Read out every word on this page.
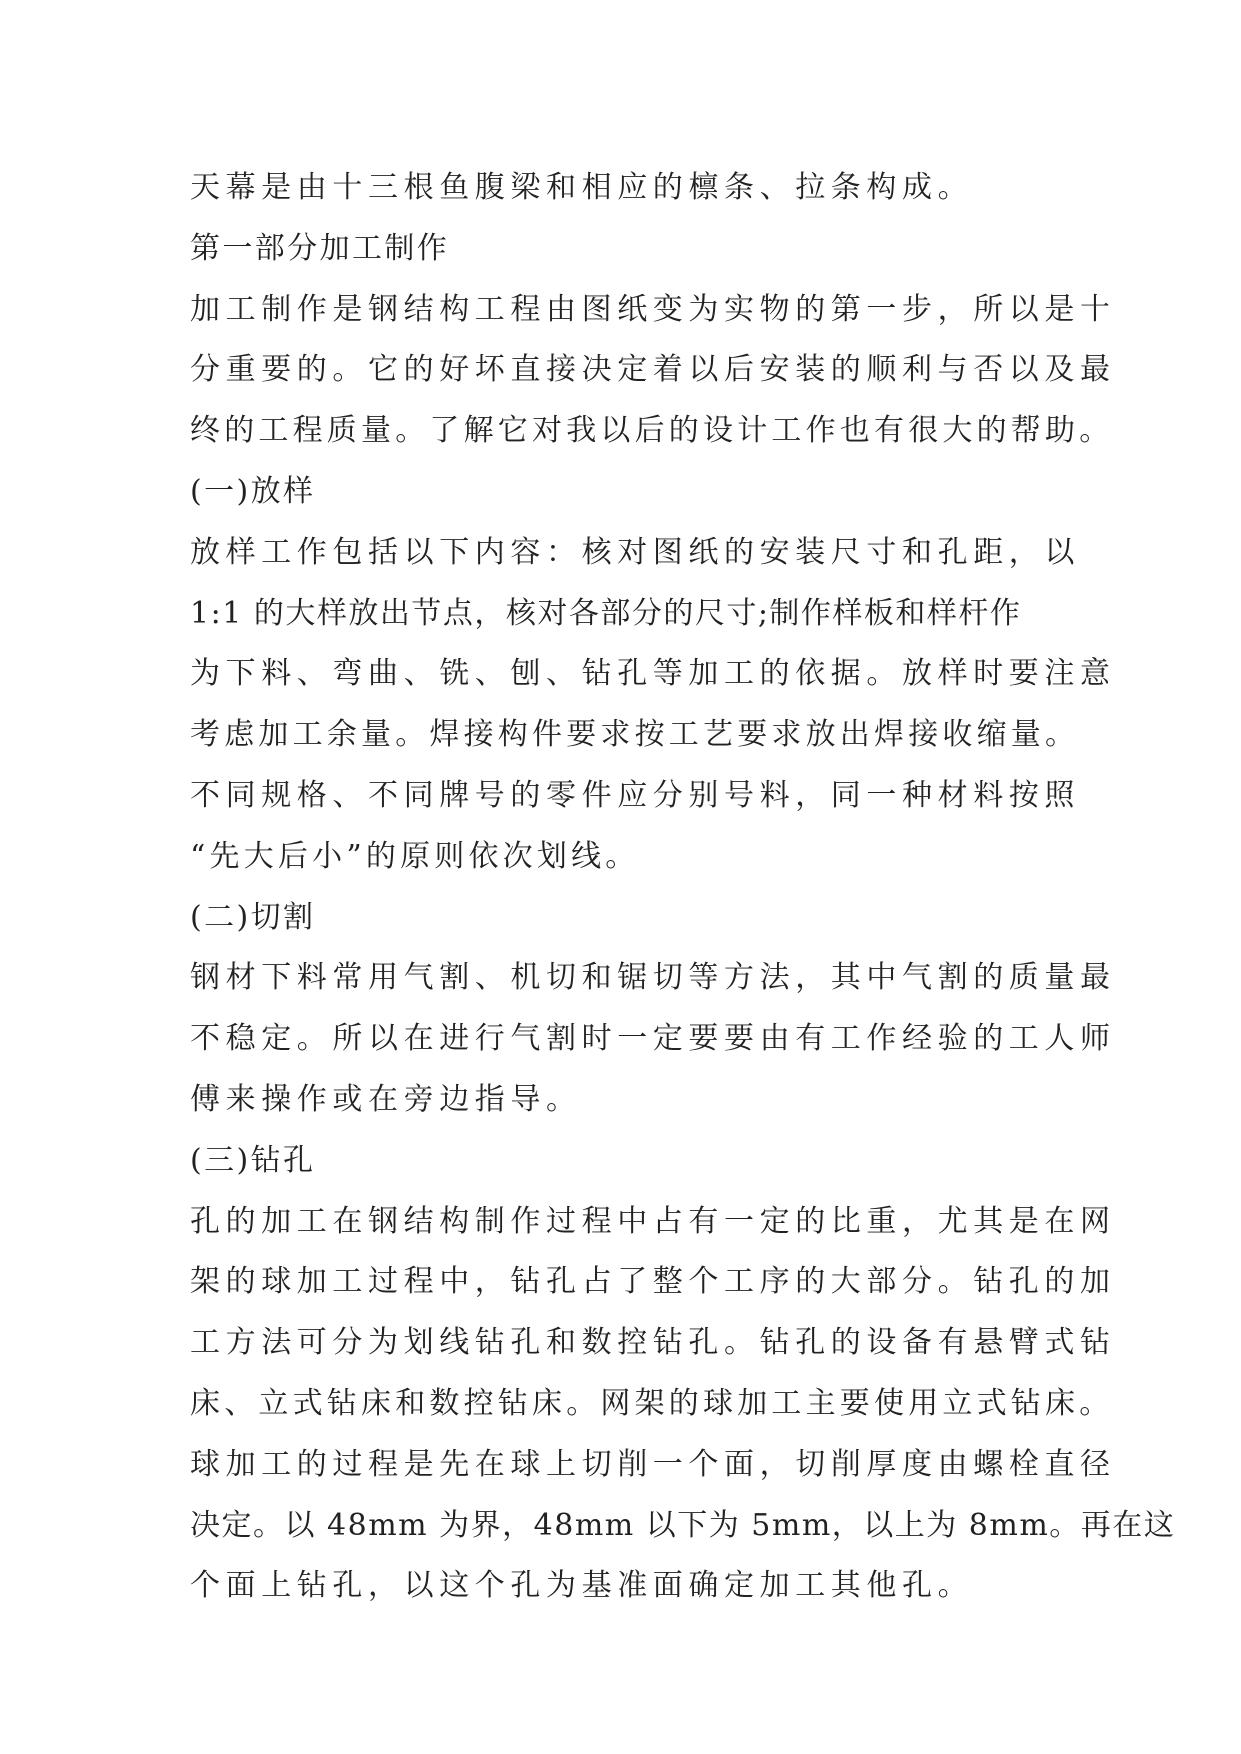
天幕是由十三根鱼腹梁和相应的檩条、拉条构成。
第一部分加工制作
加工制作是钢结构工程由图纸变为实物的第一步，所以是十
分重要的。它的好坏直接决定着以后安装的顺利与否以及最
终的工程质量。了解它对我以后的设计工作也有很大的帮助。
(一)放样
放样工作包括以下内容：核对图纸的安装尺寸和孔距，以
1:1 的大样放出节点，核对各部分的尺寸;制作样板和样杆作
为下料、弯曲、铣、刨、钻孔等加工的依据。放样时要注意
考虑加工余量。焊接构件要求按工艺要求放出焊接收缩量。
不同规格、不同牌号的零件应分别号料，同一种材料按照
“先大后小”的原则依次划线。
(二)切割
钢材下料常用气割、机切和锯切等方法，其中气割的质量最
不稳定。所以在进行气割时一定要要由有工作经验的工人师
傅来操作或在旁边指导。
(三)钻孔
孔的加工在钢结构制作过程中占有一定的比重，尤其是在网
架的球加工过程中，钻孔占了整个工序的大部分。钻孔的加
工方法可分为划线钻孔和数控钻孔。钻孔的设备有悬臂式钻
床、立式钻床和数控钻床。网架的球加工主要使用立式钻床。
球加工的过程是先在球上切削一个面，切削厚度由螺栓直径
决定。以 48mm 为界，48mm 以下为 5mm，以上为 8mm。再在这
个面上钻孔，以这个孔为基准面确定加工其他孔。
